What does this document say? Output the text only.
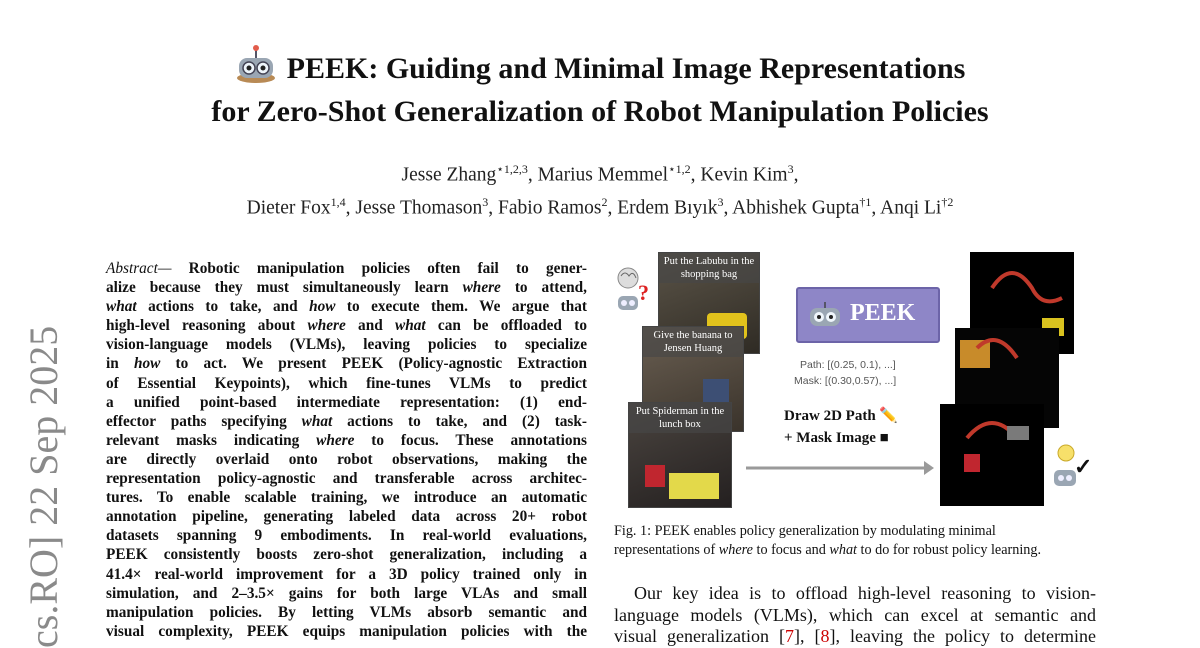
PEEK: Guiding and Minimal Image Representations
for Zero-Shot Generalization of Robot Manipulation Policies
Jesse Zhang$^{⋆1,2,3}$, Marius Memmel$^{⋆1,2}$, Kevin Kim$^3$,
Dieter Fox$^{1,4}$, Jesse Thomason$^3$, Fabio Ramos$^2$, Erdem Bıyık$^3$, Abhishek Gupta$^{\dagger 1}$, Anqi Li$^{\dagger 2}$
cs.RO] 22 Sep 2025
Abstract— Robotic manipulation policies often fail to gener-
alize because they must simultaneously learn where to attend,
what actions to take, and how to execute them. We argue that
high-level reasoning about where and what can be offloaded to
vision-language models (VLMs), leaving policies to specialize
in how to act. We present PEEK (Policy-agnostic Extraction
of Essential Keypoints), which fine-tunes VLMs to predict
a unified point-based intermediate representation: (1) end-
effector paths specifying what actions to take, and (2) task-
relevant masks indicating where to focus. These annotations
are directly overlaid onto robot observations, making the
representation policy-agnostic and transferable across architec-
tures. To enable scalable training, we introduce an automatic
annotation pipeline, generating labeled data across 20+ robot
datasets spanning 9 embodiments. In real-world evaluations,
PEEK consistently boosts zero-shot generalization, including a
41.4× real-world improvement for a 3D policy trained only in
simulation, and 2–3.5× gains for both large VLAs and small
manipulation policies. By letting VLMs absorb semantic and
visual complexity, PEEK equips manipulation policies with the
Put the Labubu in the shopping bag
Give the banana to Jensen Huang
Put Spiderman in the lunch box
?
✓
PEEK
Path: [(0.25, 0.1), ...]
Mask: [(0.30,0.57), ...]
Draw 2D Path ✏️
+ Mask Image ■
Fig. 1: PEEK enables policy generalization by modulating minimal
representations of where to focus and what to do for robust policy learning.
Our key idea is to offload high-level reasoning to vision-
language models (VLMs), which can excel at semantic and
visual generalization [7], [8], leaving the policy to determine
